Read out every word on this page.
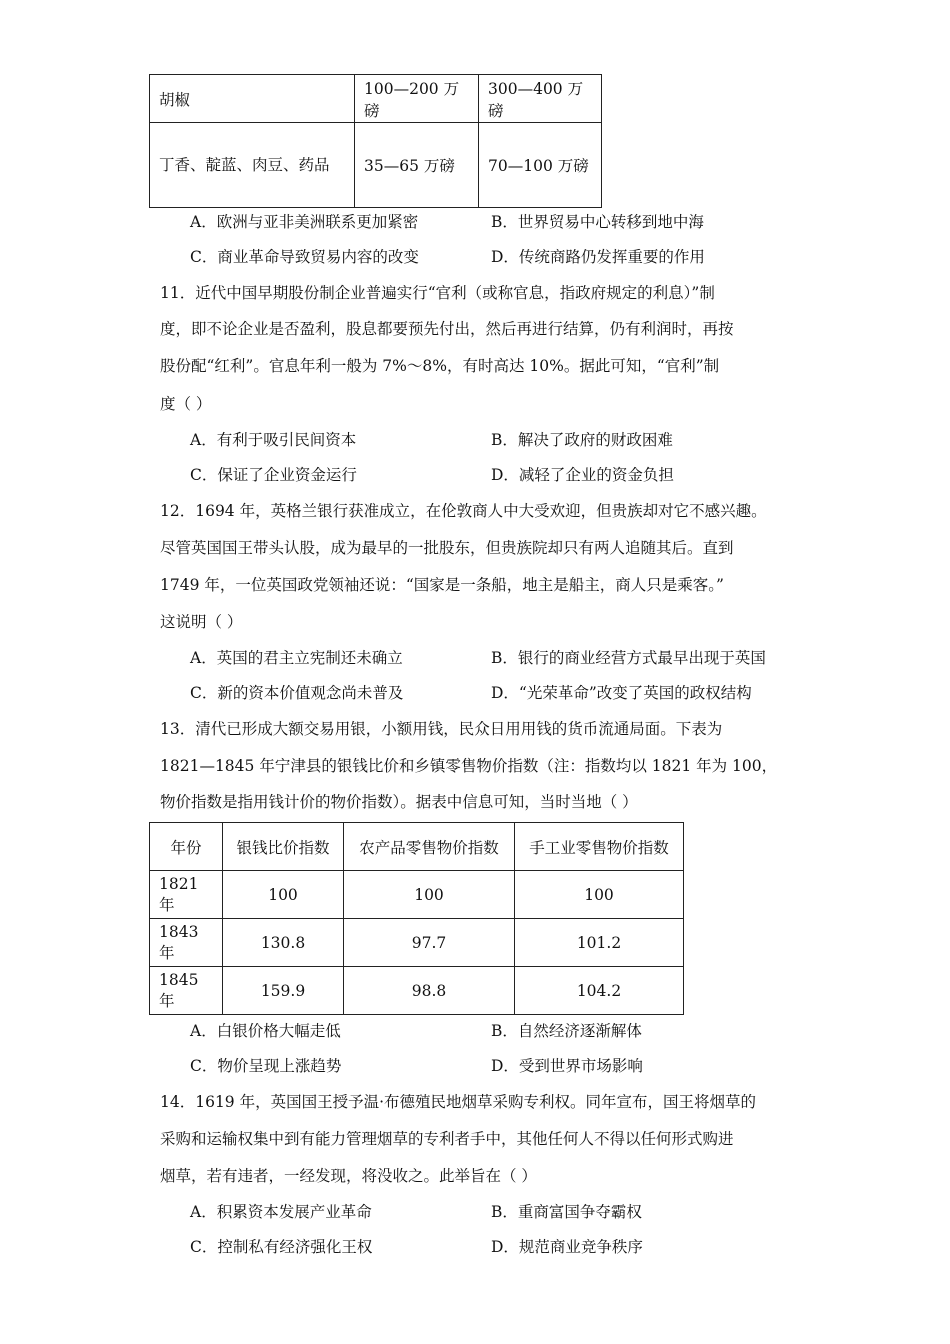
胡椒	100—200 万磅	300—400 万磅
丁香、靛蓝、肉豆、药品	35—65 万磅	70—100 万磅
A．欧洲与亚非美洲联系更加紧密	B．世界贸易中心转移到地中海
C．商业革命导致贸易内容的改变	D．传统商路仍发挥重要的作用
11．近代中国早期股份制企业普遍实行“官利（或称官息，指政府规定的利息）”制
度，即不论企业是否盈利，股息都要预先付出，然后再进行结算，仍有利润时，再按
股份配“红利”。官息年利一般为 7%～8%，有时高达 10%。据此可知，“官利”制
度（ ）
A．有利于吸引民间资本	B．解决了政府的财政困难
C．保证了企业资金运行	D．减轻了企业的资金负担
12．1694 年，英格兰银行获准成立，在伦敦商人中大受欢迎，但贵族却对它不感兴趣。
尽管英国国王带头认股，成为最早的一批股东，但贵族院却只有两人追随其后。直到
1749 年，一位英国政党领袖还说：“国家是一条船，地主是船主，商人只是乘客。”
这说明（ ）
A．英国的君主立宪制还未确立	B．银行的商业经营方式最早出现于英国
C．新的资本价值观念尚未普及	D．“光荣革命”改变了英国的政权结构
13．清代已形成大额交易用银，小额用钱，民众日用用钱的货币流通局面。下表为
1821—1845 年宁津县的银钱比价和乡镇零售物价指数（注：指数均以 1821 年为 100，
物价指数是指用钱计价的物价指数）。据表中信息可知，当时当地（ ）
年份	银钱比价指数	农产品零售物价指数	手工业零售物价指数
1821 年	100	100	100
1843 年	130.8	97.7	101.2
1845 年	159.9	98.8	104.2
A．白银价格大幅走低	B．自然经济逐渐解体
C．物价呈现上涨趋势	D．受到世界市场影响
14．1619 年，英国国王授予温·布德殖民地烟草采购专利权。同年宣布，国王将烟草的
采购和运输权集中到有能力管理烟草的专利者手中，其他任何人不得以任何形式购进
烟草，若有违者，一经发现，将没收之。此举旨在（ ）
A．积累资本发展产业革命	B．重商富国争夺霸权
C．控制私有经济强化王权	D．规范商业竞争秩序
